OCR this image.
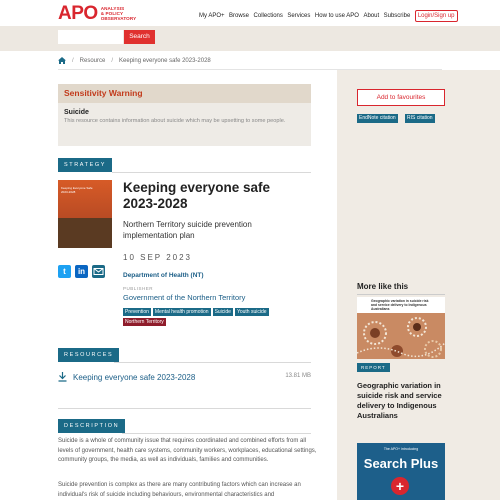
APO ANALYSIS
& POLICY
OBSERVATORY	My APO+ Browse Collections Services How to use APO About Subscribe	Login/Sign up
Search
/ Resource / Keeping everyone safe 2023-2028
Sensitivity Warning
Suicide
This resource contains information about suicide which may be upsetting to some people.
STRATEGY
Keeping Everyone Safe 2023-2028
t	in
Keeping everyone safe 2023-2028
Northern Territory suicide prevention implementation plan
10 SEP 2023
Department of Health (NT)
PUBLISHER
Government of the Northern Territory
Prevention	Mental health promotion	Suicide	Youth suicide
Northern Territory
RESOURCES
Keeping everyone safe 2023-2028	13.81 MB
DESCRIPTION
Suicide is a whole of community issue that requires coordinated and combined efforts from all levels of government, health care systems, community workers, workplaces, educational settings, community groups, the media, as well as individuals, families and communities.
Suicide prevention is complex as there are many contributing factors which can increase an individual's risk of suicide including behaviours, environmental characteristics and
Add to favourites
EndNote citation	RIS citation
More like this
Geographic variation in suicide risk and service delivery to Indigenous Australians
REPORT
Geographic variation in suicide risk and service delivery to Indigenous Australians
The APO+ introducing
Search Plus
+
